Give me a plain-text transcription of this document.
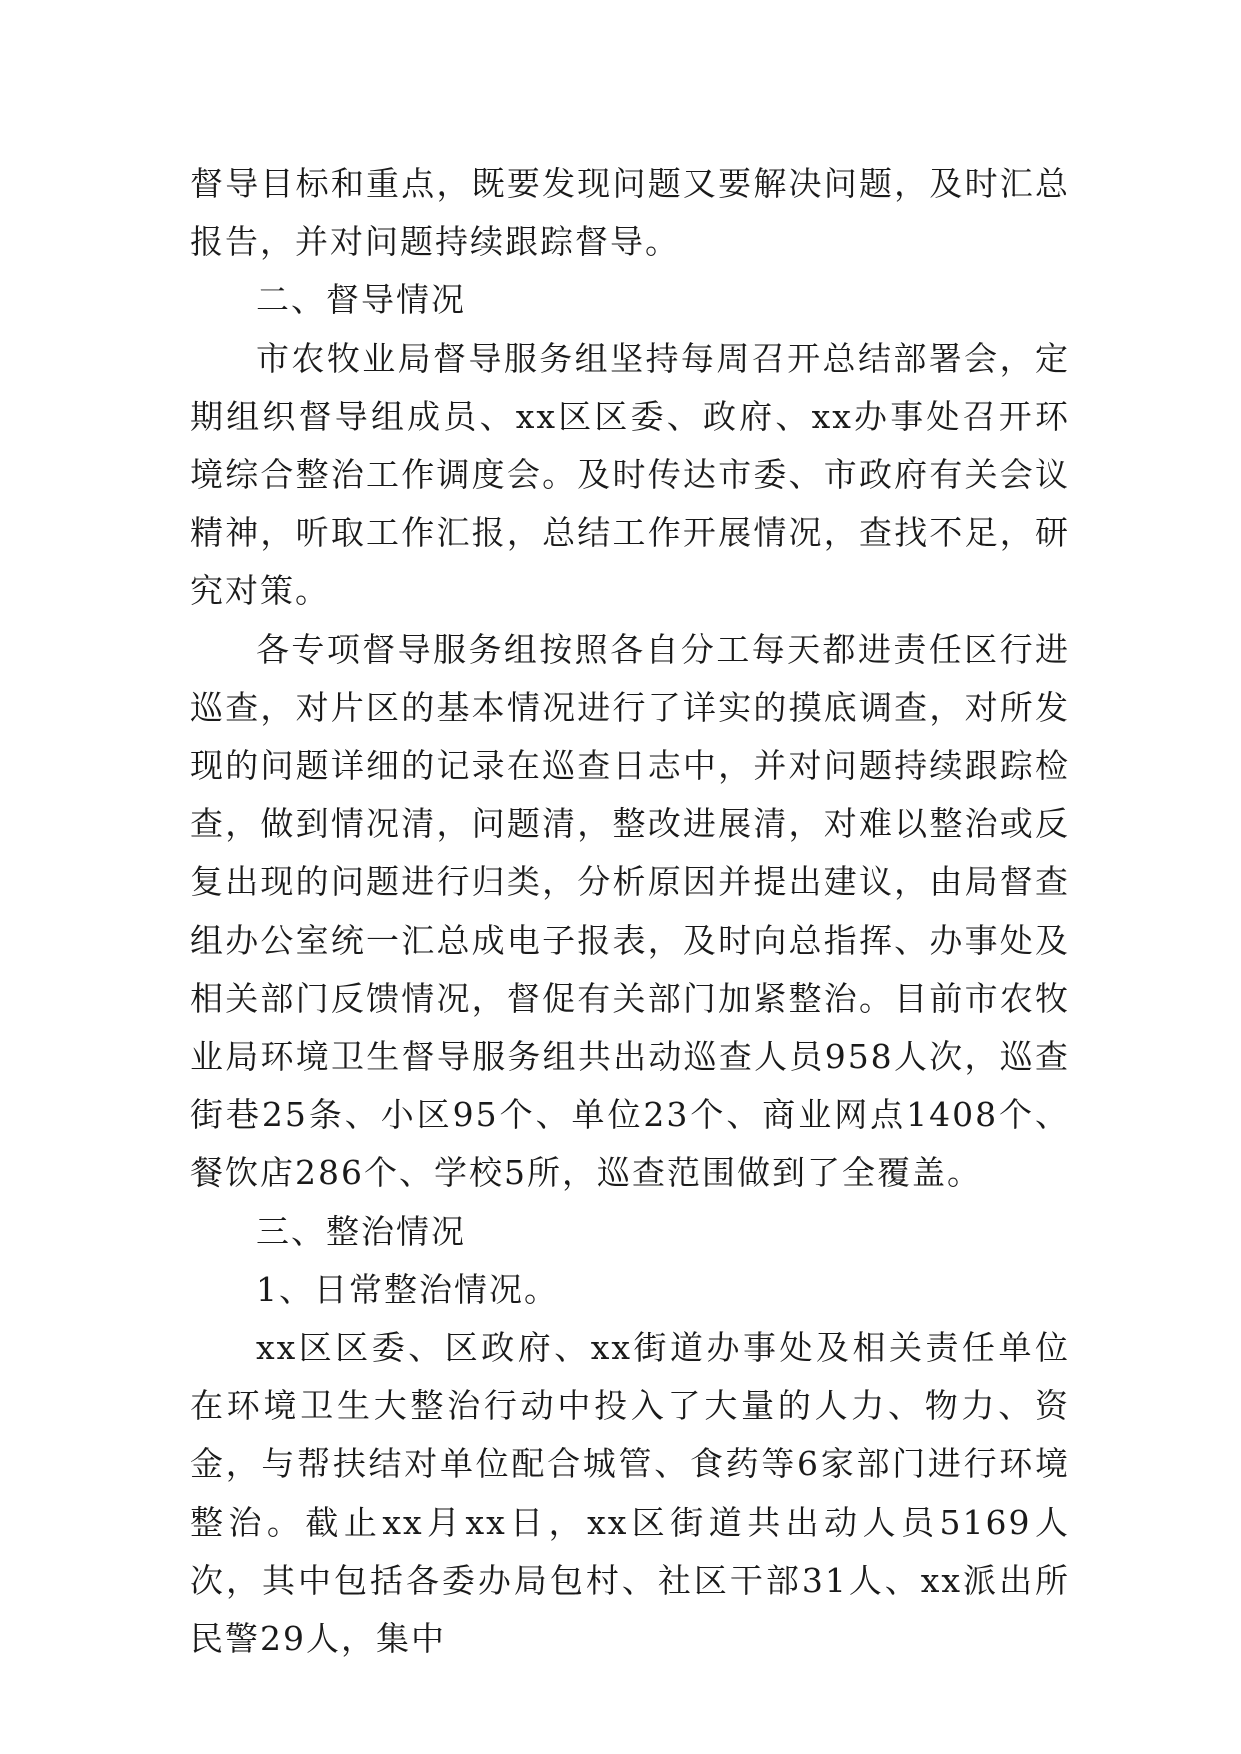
督导目标和重点，既要发现问题又要解决问题，及时汇总报告，并对问题持续跟踪督导。

二、督导情况

市农牧业局督导服务组坚持每周召开总结部署会，定期组织督导组成员、xx区区委、政府、xx办事处召开环境综合整治工作调度会。及时传达市委、市政府有关会议精神，听取工作汇报，总结工作开展情况，查找不足，研究对策。

各专项督导服务组按照各自分工每天都进责任区行进巡查，对片区的基本情况进行了详实的摸底调查，对所发现的问题详细的记录在巡查日志中，并对问题持续跟踪检查，做到情况清，问题清，整改进展清，对难以整治或反复出现的问题进行归类，分析原因并提出建议，由局督查组办公室统一汇总成电子报表，及时向总指挥、办事处及相关部门反馈情况，督促有关部门加紧整治。目前市农牧业局环境卫生督导服务组共出动巡查人员958人次，巡查街巷25条、小区95个、单位23个、商业网点1408个、餐饮店286个、学校5所，巡查范围做到了全覆盖。

三、整治情况

1、日常整治情况。

xx区区委、区政府、xx街道办事处及相关责任单位在环境卫生大整治行动中投入了大量的人力、物力、资金，与帮扶结对单位配合城管、食药等6家部门进行环境整治。截止xx月xx日，xx区街道共出动人员5169人次，其中包括各委办局包村、社区干部31人、xx派出所民警29人，集中
